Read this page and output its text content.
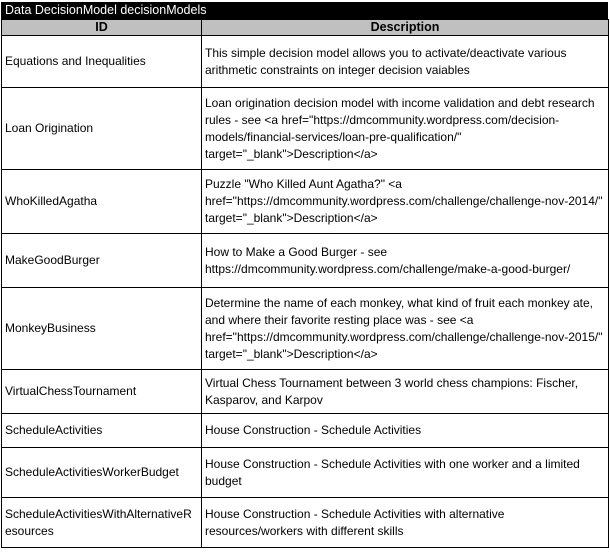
Data DecisionModel decisionModels
ID	Description
Equations and Inequalities	This simple decision model allows you to activate/deactivate various arithmetic constraints on integer decision vaiables
Loan Origination	Loan origination decision model with income validation and debt research rules - see <a href="https://dmcommunity.wordpress.com/decision-models/financial-services/loan-pre-qualification/" target="_blank">Description</a>
WhoKilledAgatha	Puzzle "Who Killed Aunt Agatha?" <a href="https://dmcommunity.wordpress.com/challenge/challenge-nov-2014/" target="_blank">Description</a>
MakeGoodBurger	How to Make a Good Burger - see https://dmcommunity.wordpress.com/challenge/make-a-good-burger/
MonkeyBusiness	Determine the name of each monkey, what kind of fruit each monkey ate, and where their favorite resting place was - see <a href="https://dmcommunity.wordpress.com/challenge/challenge-nov-2015/" target="_blank">Description</a>
VirtualChessTournament	Virtual Chess Tournament between 3 world chess champions: Fischer, Kasparov, and Karpov
ScheduleActivities	House Construction - Schedule Activities
ScheduleActivitiesWorkerBudget	House Construction - Schedule Activities with one worker and a limited budget
ScheduleActivitiesWithAlternativeResources	House Construction - Schedule Activities with alternative resources/workers with different skills
